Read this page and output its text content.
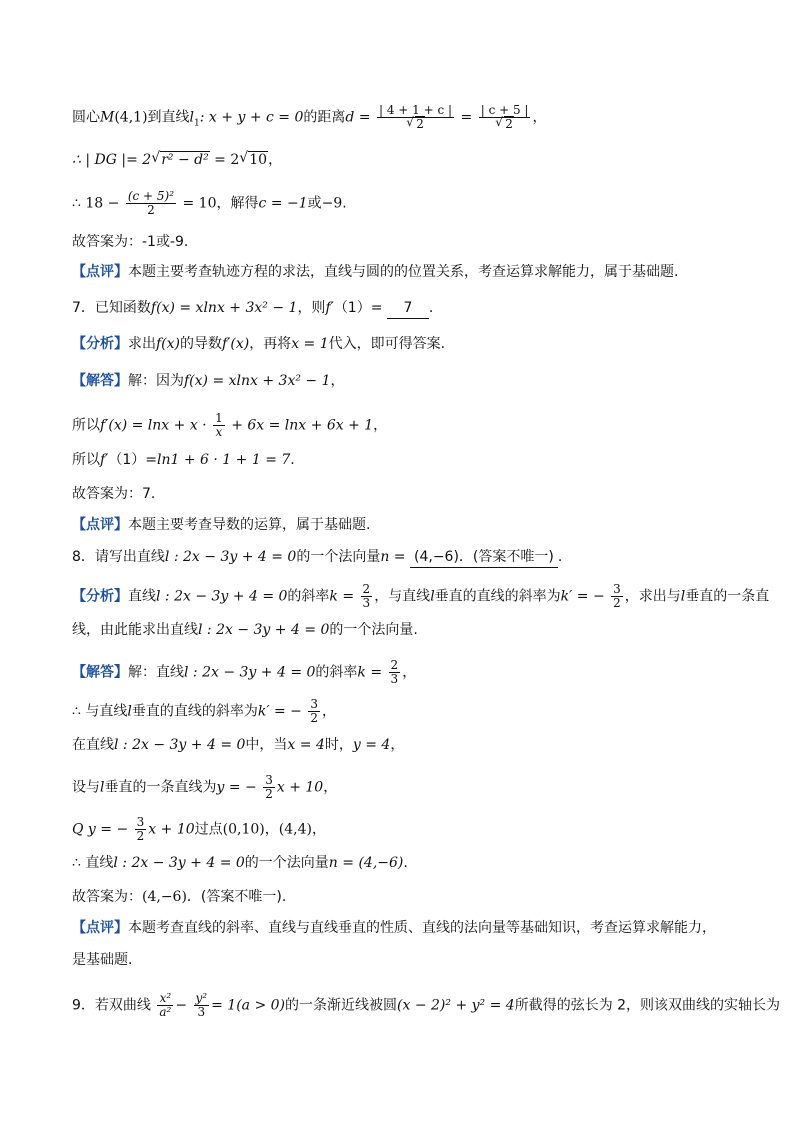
圆心M(4,1)到直线$l_1$: x + y + c = 0的距离d = | 4 + 1 + c |
√ 2 = | c + 5 |
√ 2 ，
∴ | DG |= 2 √ r² − d² = 2 √ 10，
∴ $18 - \frac{\text{(c + 5)²}}{2} = 10$，解得c = −1或−9.
故答案为：-1或-9.
【点评】本题主要考查轨迹方程的求法，直线与圆的的位置关系，考查运算求解能力，属于基础题.
7．已知函数f(x) = xlnx + 3x² − 1，则f′（1）= 7 .
【分析】求出f(x)的导数f′(x)，再将x = 1代入，即可得答案.
【解答】解：因为f(x) = xlnx + 3x² − 1，
所以$f'(x) = \ln x + x \cdot \frac{1}{x} + 6x = \ln x + 6x + 1$，
所以f′（1）=ln1 + 6 · 1 + 1 = 7.
故答案为：7.
【点评】本题主要考查导数的运算，属于基础题.
8．请写出直线l : 2x − 3y + 4 = 0的一个法向量n = (4,−6)．(答案不唯一) .
【分析】直线l : 2x − 3y + 4 = 0的斜率$k = \frac{2}{3}$ ，与直线l垂直的直线的斜率为k′ = − $\frac{3}{2}$ ，求出与l垂直的一条直
线，由此能求出直线l : 2x − 3y + 4 = 0的一个法向量.
【解答】解：直线l : 2x − 3y + 4 = 0的斜率$k = \frac{2}{3}$ ，
∴ 与直线l垂直的直线的斜率为k′ = − $\frac{3}{2}$ ，
在直线l : 2x − 3y + 4 = 0中，当x = 4时，y = 4，
设与l垂直的一条直线为y = − $\frac{3}{2}$ x + 10，
Q y = − $\frac{3}{2}$ x + 10过点(0,10)，(4,4)，
∴ 直线l : 2x − 3y + 4 = 0的一个法向量n = (4,−6).
故答案为：(4,−6)．(答案不唯一).
【点评】本题考查直线的斜率、直线与直线垂直的性质、直线的法向量等基础知识，考查运算求解能力，
是基础题.
9．若双曲线 $\frac{\text{x²}}{\text{a²}} - \frac{\text{y²}}{3} = 1(a > 0)$的一条渐近线被圆(x − 2)² + y² = 4所截得的弦长为 2，则该双曲线的实轴长为
